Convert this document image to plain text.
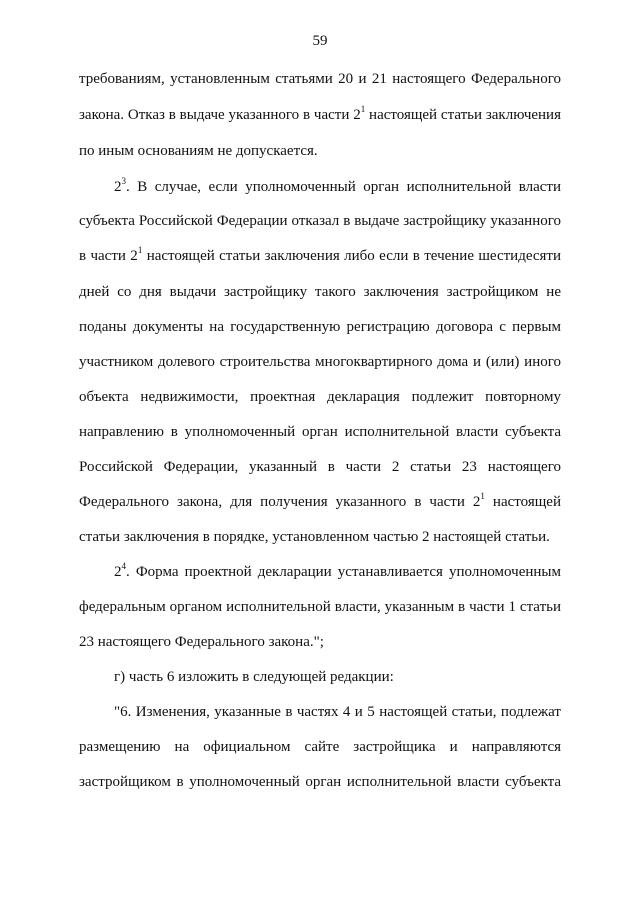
59
требованиям, установленным статьями 20 и 21 настоящего Федерального
закона. Отказ в выдаче указанного в части $2^1$ настоящей статьи заключения
по иным основаниям не допускается.
$2^3$. В случае, если уполномоченный орган исполнительной власти
субъекта Российской Федерации отказал в выдаче застройщику указанного
в части $2^1$ настоящей статьи заключения либо если в течение шестидесяти
дней со дня выдачи застройщику такого заключения застройщиком не
поданы документы на государственную регистрацию договора с первым
участником долевого строительства многоквартирного дома и (или) иного
объекта недвижимости, проектная декларация подлежит повторному
направлению в уполномоченный орган исполнительной власти субъекта
Российской Федерации, указанный в части 2 статьи 23 настоящего
Федерального закона, для получения указанного в части $2^1$ настоящей
статьи заключения в порядке, установленном частью 2 настоящей статьи.
$2^4$. Форма проектной декларации устанавливается уполномоченным
федеральным органом исполнительной власти, указанным в части 1 статьи
23 настоящего Федерального закона.";
г) часть 6 изложить в следующей редакции:
"6. Изменения, указанные в частях 4 и 5 настоящей статьи, подлежат
размещению на официальном сайте застройщика и направляются
застройщиком в уполномоченный орган исполнительной власти субъекта
